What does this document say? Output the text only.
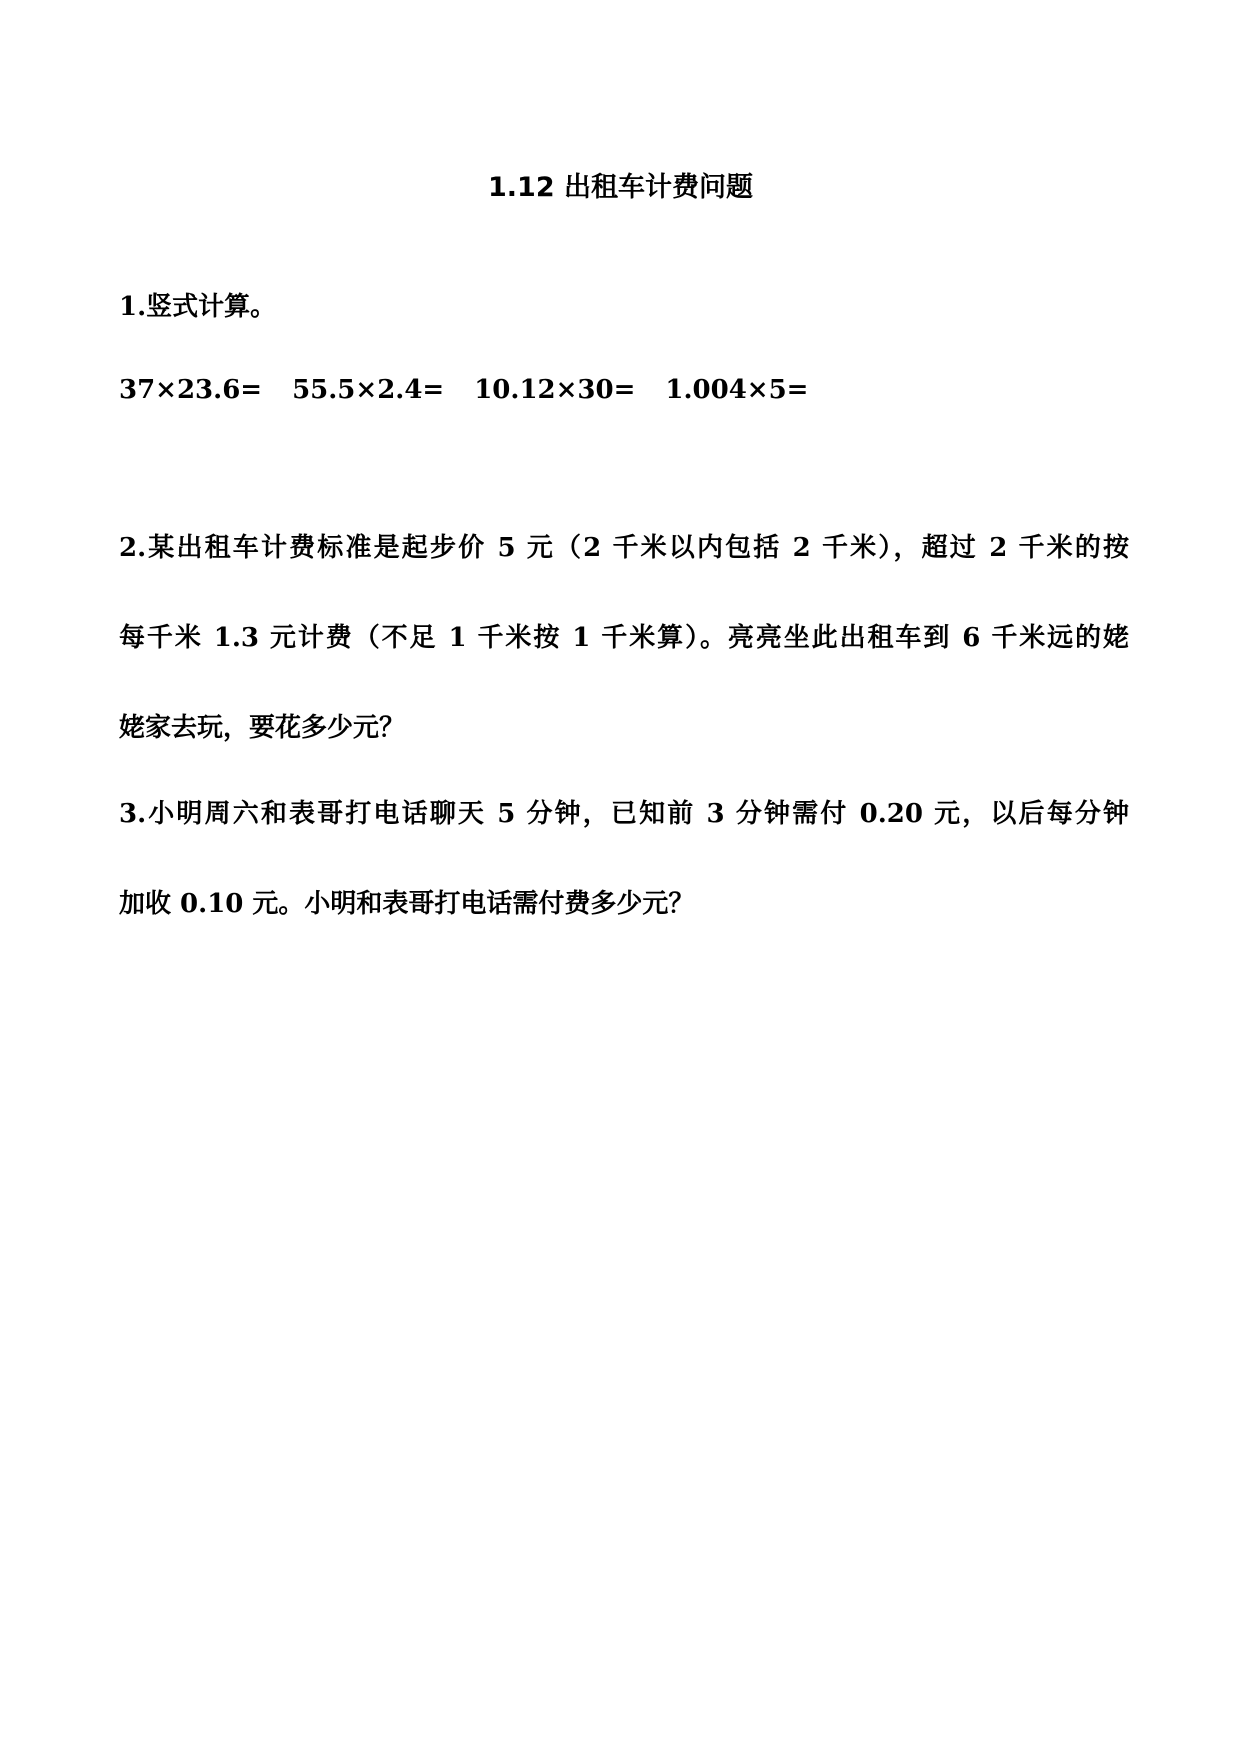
1.12 出租车计费问题

1.竖式计算。

37×23.6= 55.5×2.4= 10.12×30= 1.004×5=

2.某出租车计费标准是起步价 5 元（2 千米以内包括 2 千米），超过 2 千米的按

每千米 1.3 元计费（不足 1 千米按 1 千米算）。亮亮坐此出租车到 6 千米远的姥

姥家去玩，要花多少元？

3.小明周六和表哥打电话聊天 5 分钟，已知前 3 分钟需付 0.20 元，以后每分钟

加收 0.10 元。小明和表哥打电话需付费多少元？
